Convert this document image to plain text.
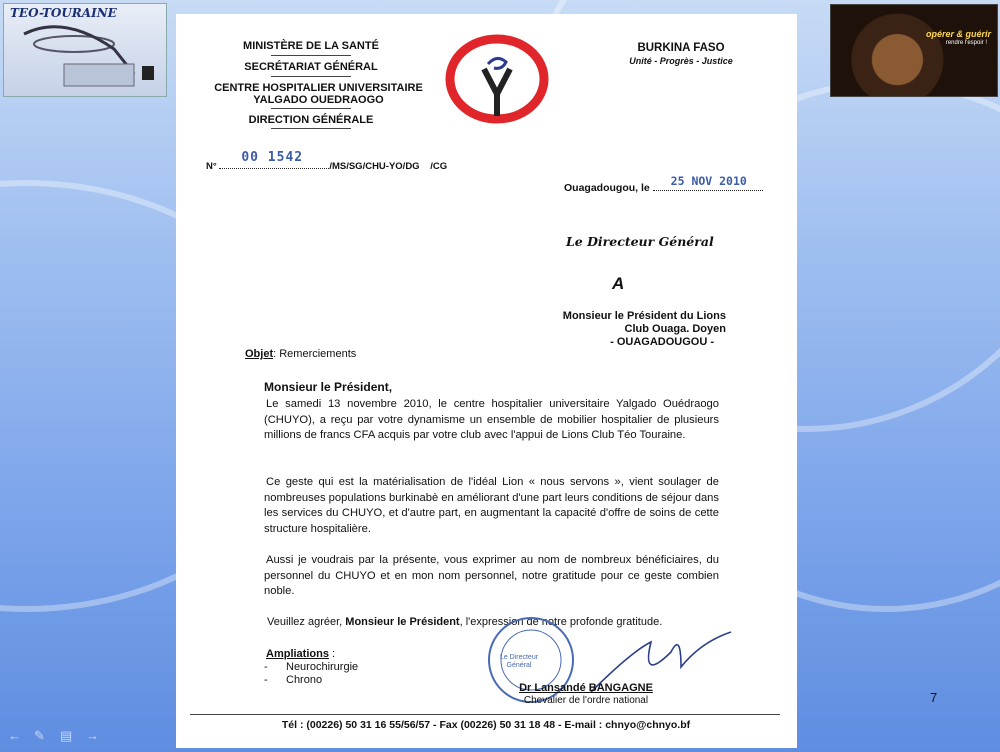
TEO-TOURAINE
opérer & guérir
rendre l'espoir !
MINISTÈRE DE LA SANTÉ
SECRÉTARIAT GÉNÉRAL
CENTRE HOSPITALIER UNIVERSITAIRE
YALGADO OUEDRAOGO
DIRECTION GÉNÉRALE
BURKINA FASO
Unité - Progrès - Justice
N°
00 1542
/MS/SG/CHU-YO/DG /CG
Ouagadougou, le 25 NOV 2010
Le Directeur Général
A
Monsieur le Président du Lions
Club Ouaga. Doyen
- OUAGADOUGOU -
Objet: Remerciements
Monsieur le Président,
Le samedi 13 novembre 2010, le centre hospitalier universitaire Yalgado Ouédraogo (CHUYO), a reçu par votre dynamisme un ensemble de mobilier hospitalier de plusieurs millions de francs CFA acquis par votre club avec l'appui de Lions Club Téo Touraine.
Ce geste qui est la matérialisation de l'idéal Lion « nous servons », vient soulager de nombreuses populations burkinabè en améliorant d'une part leurs conditions de séjour dans les services du CHUYO, et d'autre part, en augmentant la capacité d'offre de soins de cette structure hospitalière.
Aussi je voudrais par la présente, vous exprimer au nom de nombreux bénéficiaires, du personnel du CHUYO et en mon nom personnel, notre gratitude pour ce geste combien noble.
Veuillez agréer, Monsieur le Président, l'expression de notre profonde gratitude.
Le Directeur Général
Ampliations :
-      Neurochirurgie
-      Chrono
Dr Lansandé BANGAGNE
Chevalier de l'ordre national
Tél : (00226) 50 31 16 55/56/57 - Fax (00226) 50 31 18 48 - E-mail : chnyo@chnyo.bf
7
← ✎ ▤ →
